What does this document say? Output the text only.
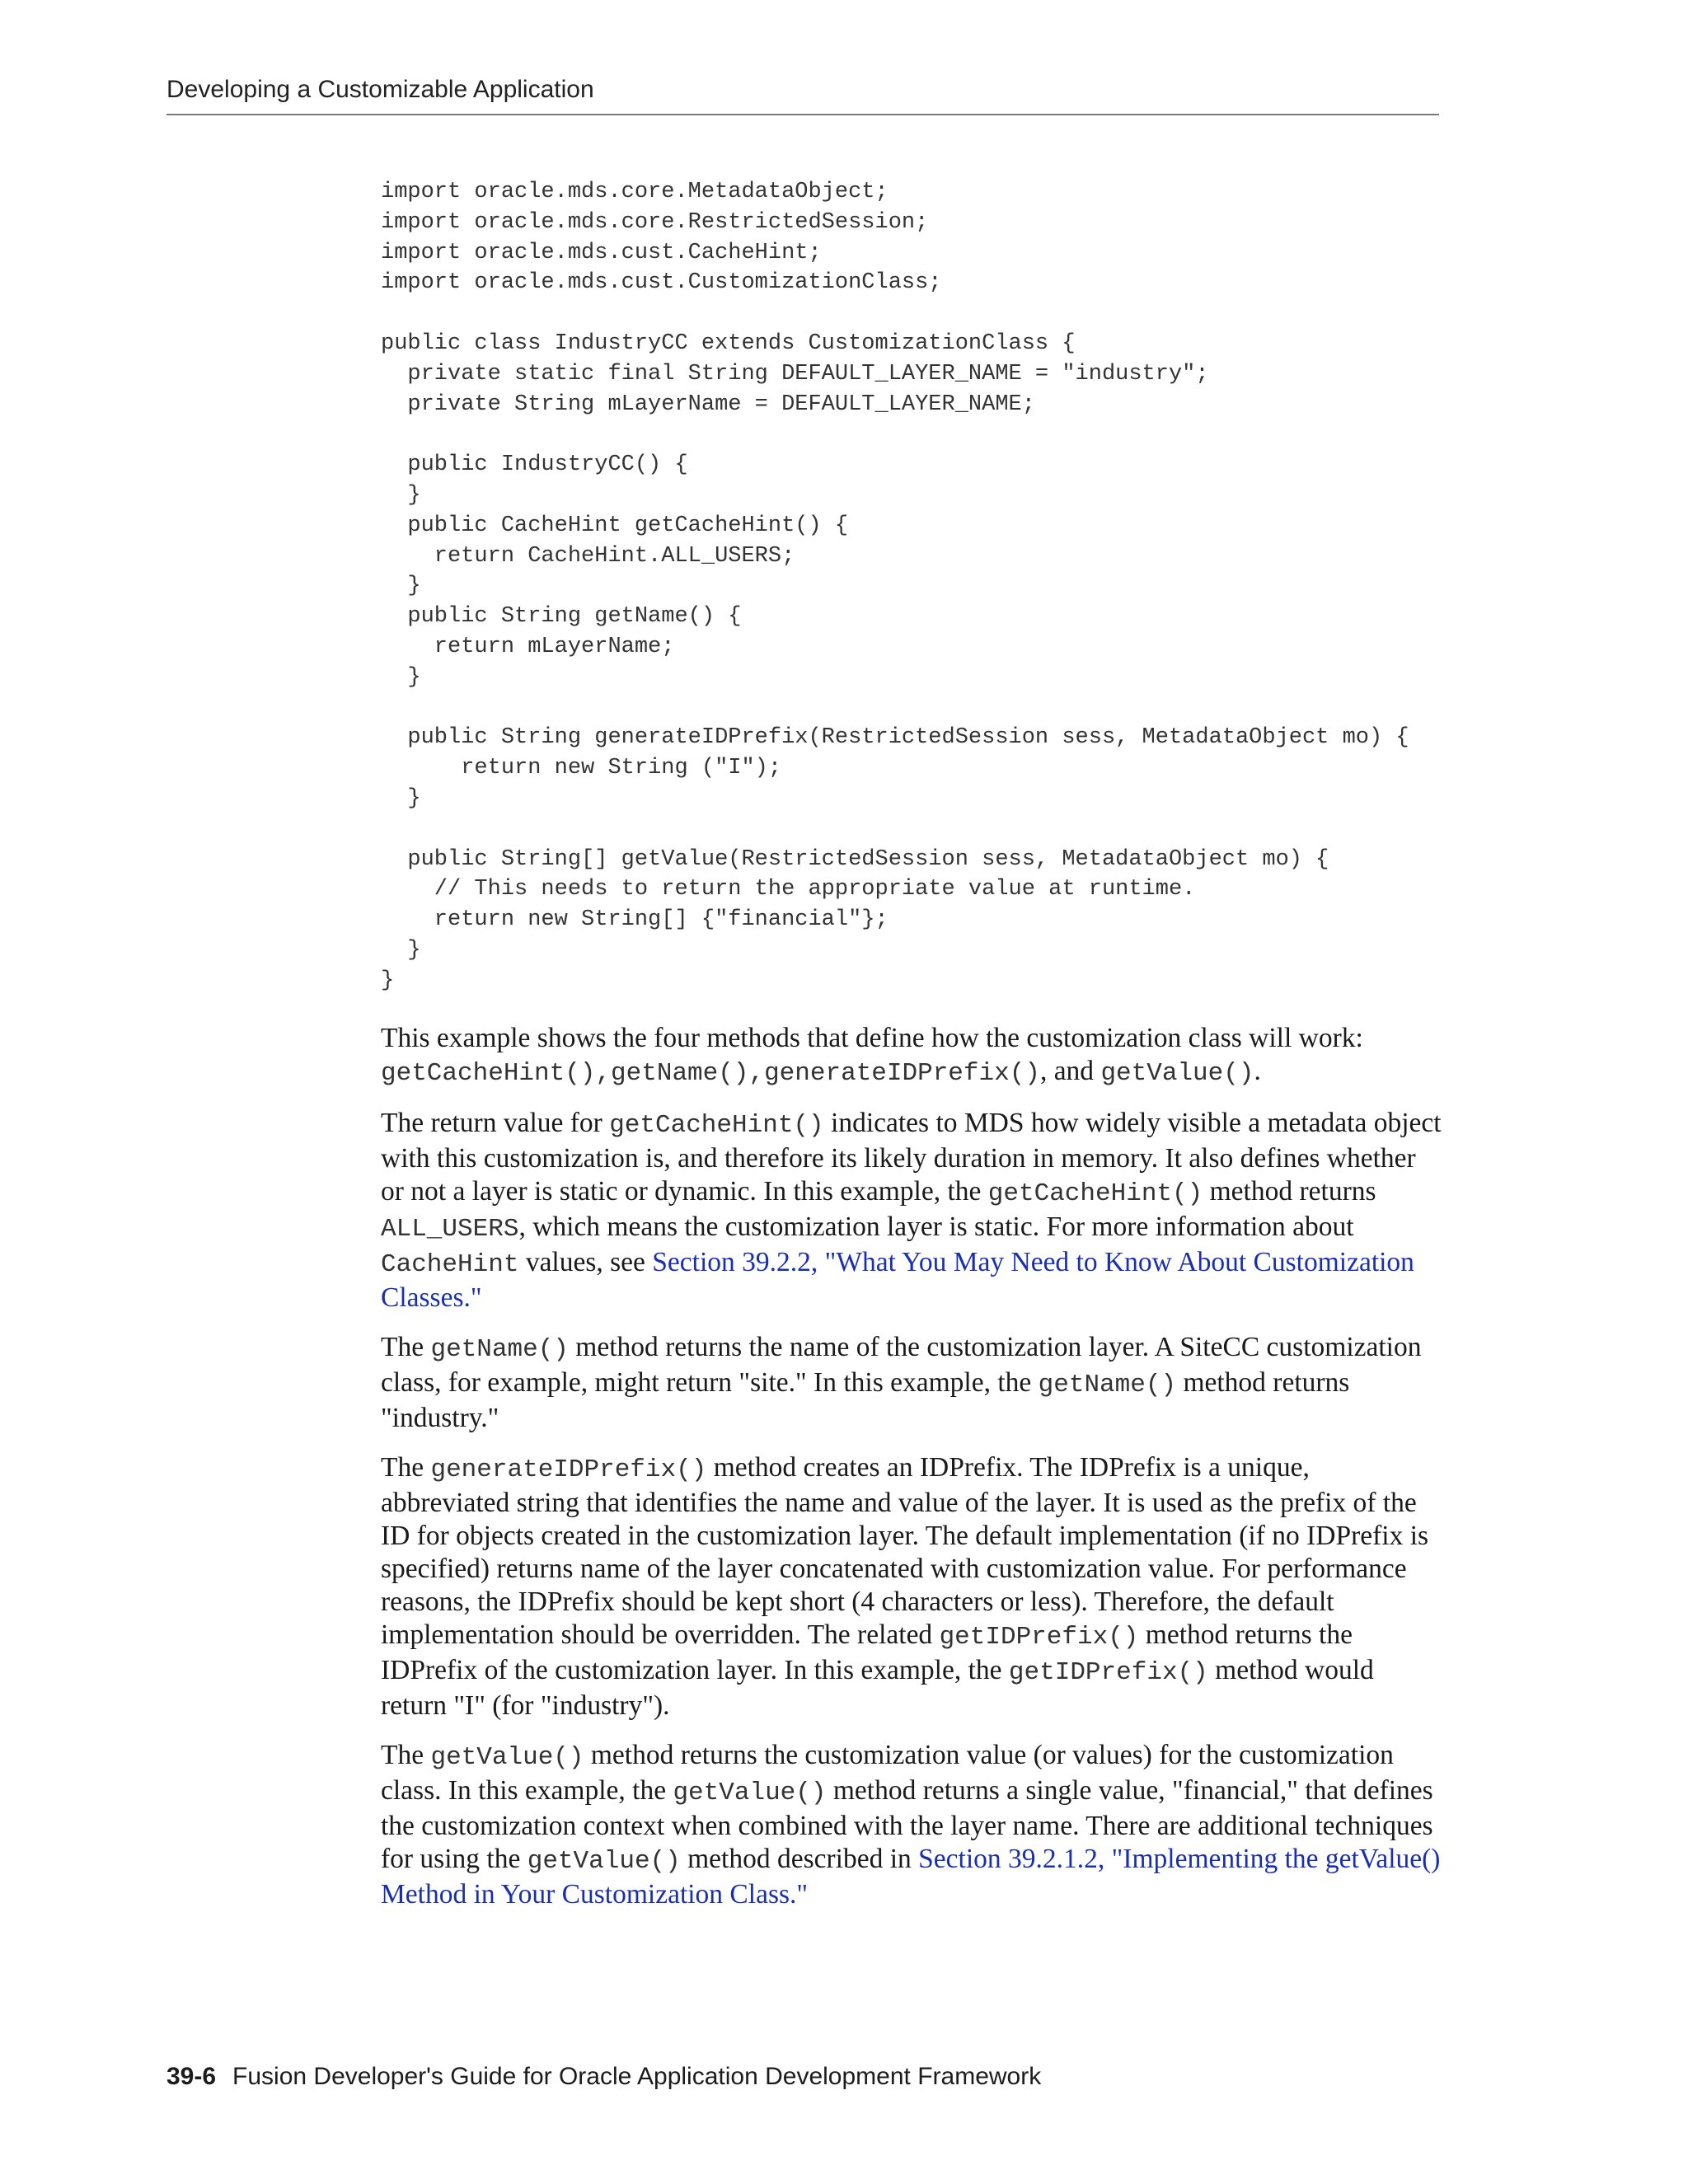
Developing a Customizable Application
import oracle.mds.core.MetadataObject;
import oracle.mds.core.RestrictedSession;
import oracle.mds.cust.CacheHint;
import oracle.mds.cust.CustomizationClass;
public class IndustryCC extends CustomizationClass {
private static final String DEFAULT_LAYER_NAME = "industry";
private String mLayerName = DEFAULT_LAYER_NAME;
public IndustryCC() {
}
public CacheHint getCacheHint() {
return CacheHint.ALL_USERS;
}
public String getName() {
return mLayerName;
}
public String generateIDPrefix(RestrictedSession sess, MetadataObject mo) {
return new String ("I");
}
public String[] getValue(RestrictedSession sess, MetadataObject mo) {
// This needs to return the appropriate value at runtime.
return new String[] {"financial"};
}
}

This example shows the four methods that define how the customization class will work: getCacheHint(),getName(),generateIDPrefix(), and getValue().

The return value for getCacheHint() indicates to MDS how widely visible a metadata object with this customization is, and therefore its likely duration in memory. It also defines whether or not a layer is static or dynamic. In this example, the getCacheHint() method returns ALL_USERS, which means the customization layer is static. For more information about CacheHint values, see Section 39.2.2, "What You May Need to Know About Customization Classes."

The getName() method returns the name of the customization layer. A SiteCC customization class, for example, might return "site." In this example, the getName() method returns "industry."

The generateIDPrefix() method creates an IDPrefix. The IDPrefix is a unique, abbreviated string that identifies the name and value of the layer. It is used as the prefix of the ID for objects created in the customization layer. The default implementation (if no IDPrefix is specified) returns name of the layer concatenated with customization value. For performance reasons, the IDPrefix should be kept short (4 characters or less). Therefore, the default implementation should be overridden. The related getIDPrefix() method returns the IDPrefix of the customization layer. In this example, the getIDPrefix() method would return "I" (for "industry").

The getValue() method returns the customization value (or values) for the customization class. In this example, the getValue() method returns a single value, "financial," that defines the customization context when combined with the layer name. There are additional techniques for using the getValue() method described in Section 39.2.1.2, "Implementing the getValue() Method in Your Customization Class."

39-6 Fusion Developer's Guide for Oracle Application Development Framework
